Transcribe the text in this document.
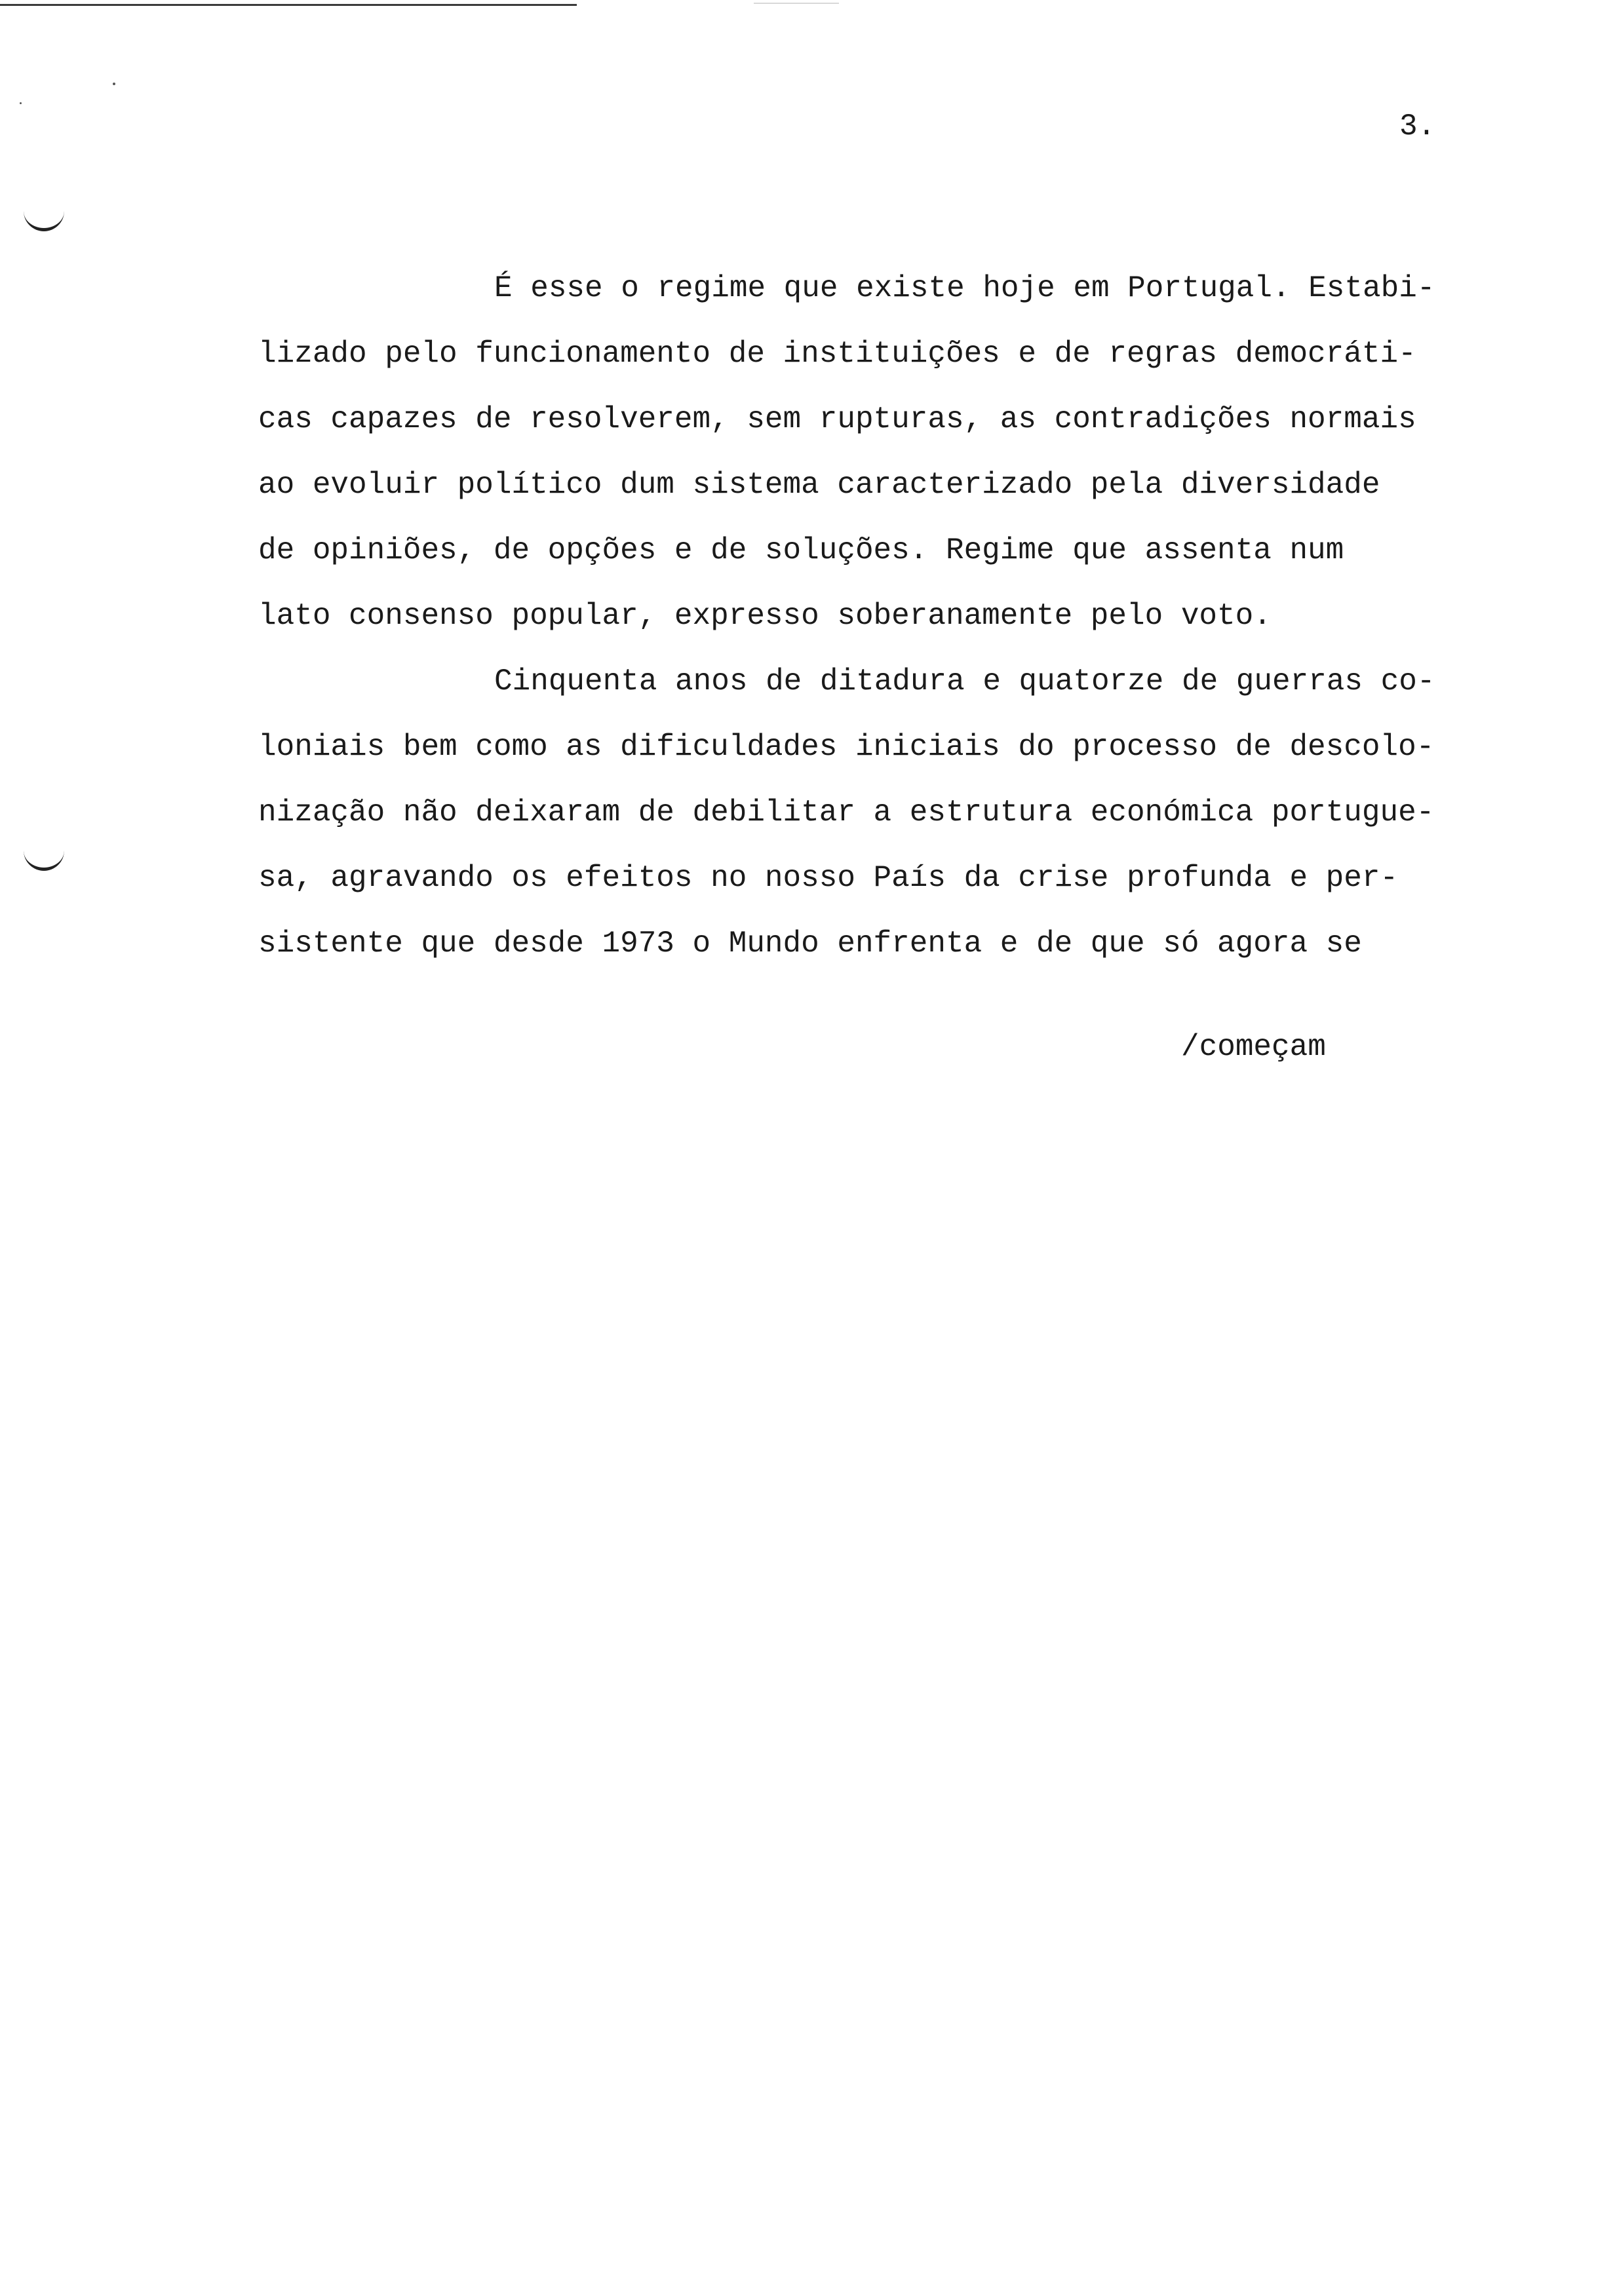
3.
É esse o regime que existe hoje em Portugal. Estabi-
lizado pelo funcionamento de instituições e de regras democráti-
cas capazes de resolverem, sem rupturas, as contradições normais
ao evoluir político dum sistema caracterizado pela diversidade
de opiniões, de opções e de soluções. Regime que assenta num
lato consenso popular, expresso soberanamente pelo voto.
Cinquenta anos de ditadura e quatorze de guerras co-
loniais bem como as dificuldades iniciais do processo de descolo-
nização não deixaram de debilitar a estrutura económica portugue-
sa, agravando os efeitos no nosso País da crise profunda e per-
sistente que desde 1973 o Mundo enfrenta e de que só agora se
/começam
